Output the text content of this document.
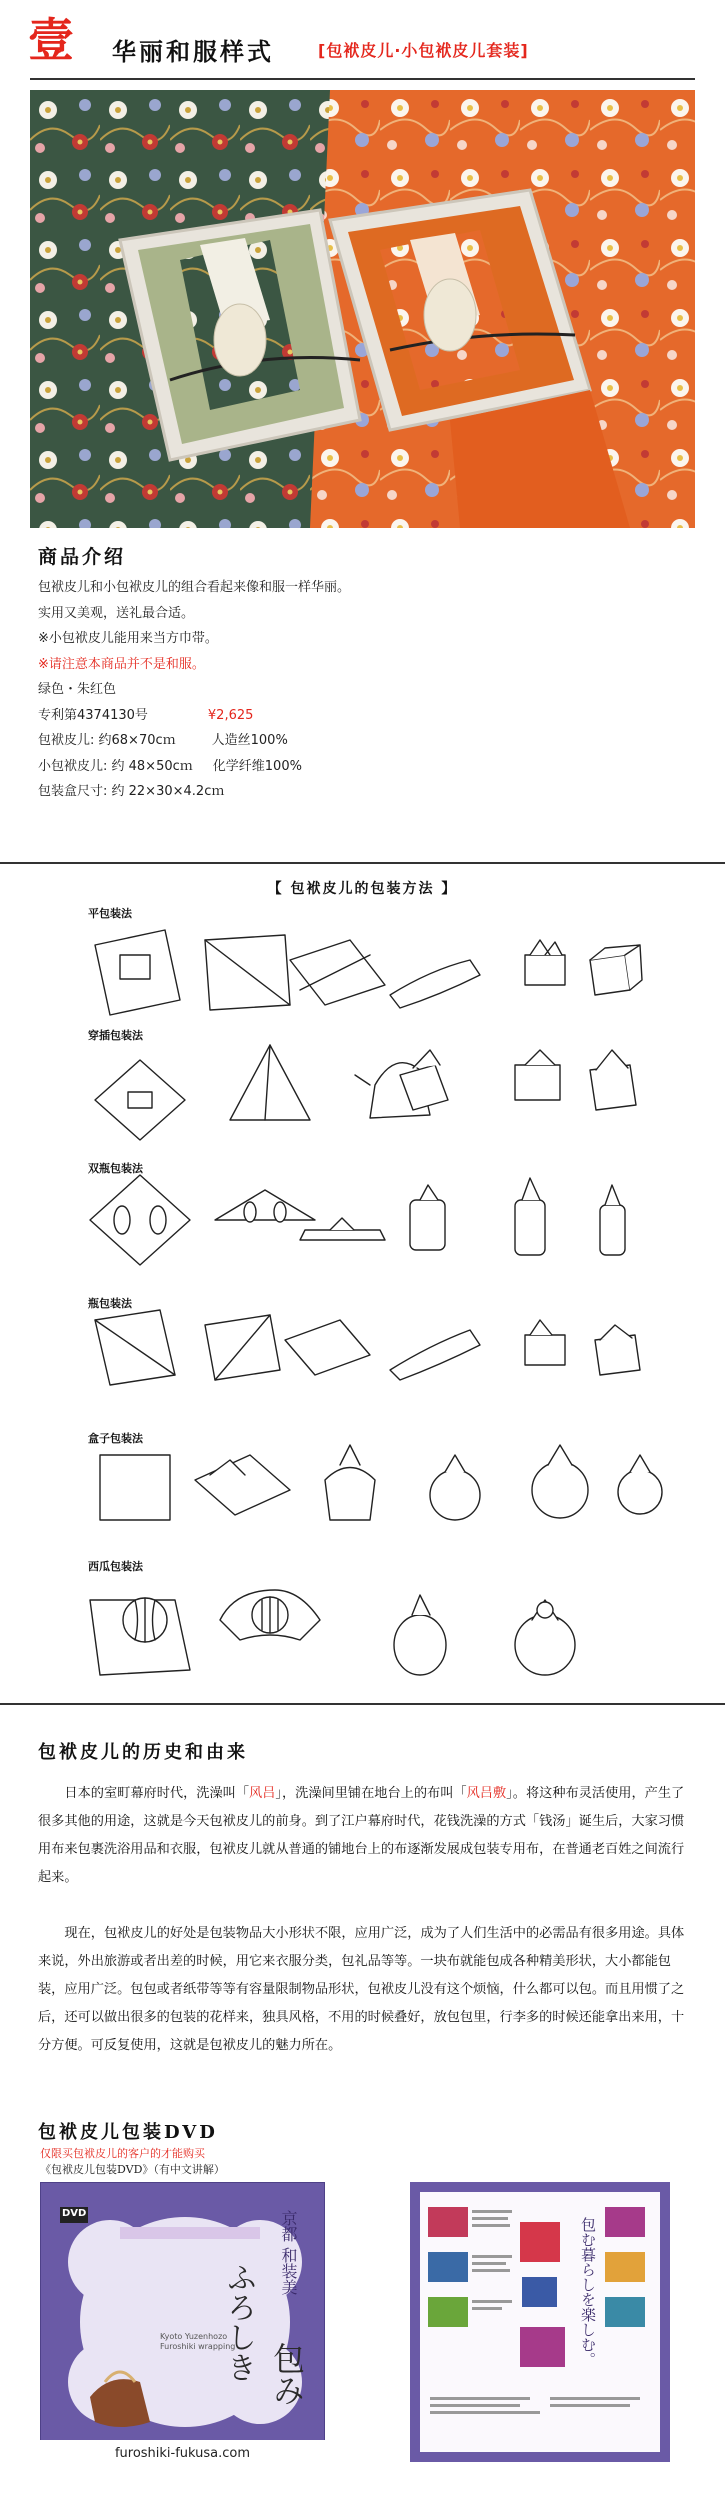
壹 华丽和服样式	[包袱皮儿·小包袱皮儿套装]
商品介绍
包袱皮儿和小包袱皮儿的组合看起来像和服一样华丽。
实用又美观，送礼最合适。
※小包袱皮儿能用来当方巾带。
※请注意本商品并不是和服。
绿色・朱红色
专利第4374130号	¥2,625
包袱皮儿: 约68×70cｍ	人造丝100%
小包袱皮儿: 约 48×50cｍ 化学纤维100%
包装盒尺寸: 约 22×30×4.2cｍ
【 包袱皮儿的包装方法 】
平包装法
穿插包装法
双瓶包装法
瓶包装法
盒子包装法
西瓜包装法
包袱皮儿的历史和由来
日本的室町幕府时代，洗澡叫「风吕」，洗澡间里铺在地台上的布叫「风吕敷」。将这种布灵活使用，产生了很多其他的用途，这就是今天包袱皮儿的前身。到了江户幕府时代，花钱洗澡的方式「钱汤」诞生后，大家习惯用布来包裹洗浴用品和衣服，包袱皮儿就从普通的铺地台上的布逐渐发展成包装专用布，在普通老百姓之间流行起来。
现在，包袱皮儿的好处是包装物品大小形状不限，应用广泛，成为了人们生活中的必需品有很多用途。具体来说，外出旅游或者出差的时候，用它来衣服分类，包礼品等等。一块布就能包成各种精美形状，大小都能包装，应用广泛。包包或者纸带等等有容量限制物品形状，包袱皮儿没有这个烦恼，什么都可以包。而且用惯了之后，还可以做出很多的包装的花样来，独具风格，不用的时候叠好，放包包里，行李多的时候还能拿出来用，十分方便。可反复使用，这就是包袱皮儿的魅力所在。
包袱皮儿包装DVD
仅限买包袱皮儿的客户的才能购买
《包袱皮儿包装DVD》（有中文讲解）
DVD
ふろしき 包み
京都 和装美
Kyoto Yuzenhozo Furoshiki wrapping
furoshiki-fukusa.com
包む暮らしを楽しむ。
